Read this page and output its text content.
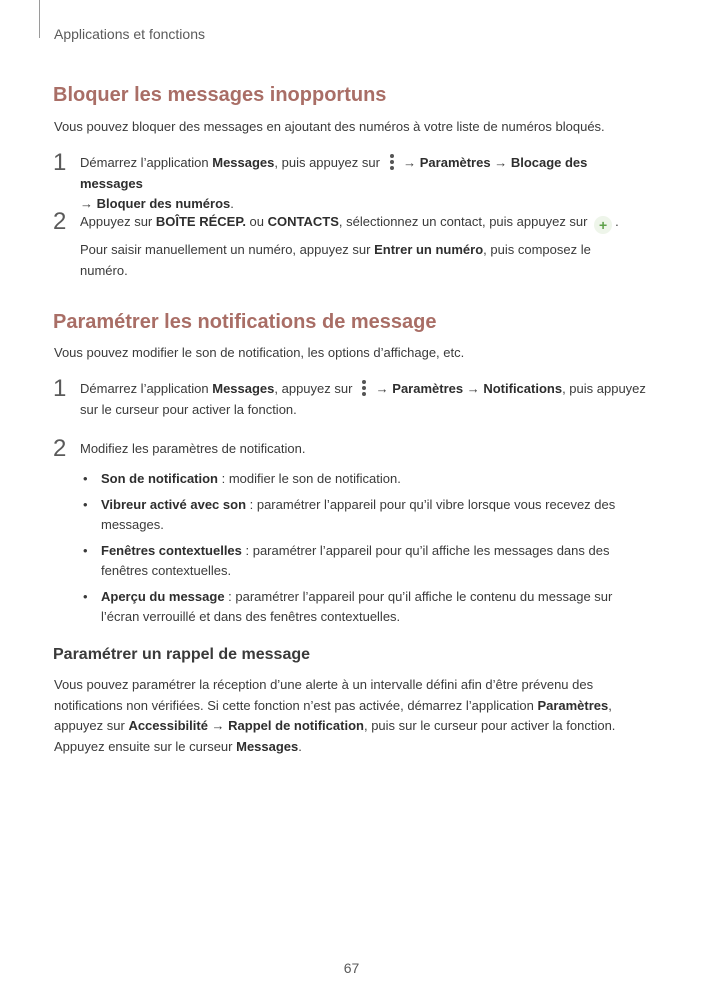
Applications et fonctions
Bloquer les messages inopportuns
Vous pouvez bloquer des messages en ajoutant des numéros à votre liste de numéros bloqués.
1 Démarrez l’application Messages, puis appuyez sur
→ Paramètres → Blocage des messages
→ Bloquer des numéros.
2 Appuyez sur BOÎTE RÉCEP. ou CONTACTS, sélectionnez un contact, puis appuyez sur + .
Pour saisir manuellement un numéro, appuyez sur Entrer un numéro, puis composez le numéro.
Paramétrer les notifications de message
Vous pouvez modifier le son de notification, les options d’affichage, etc.
1 Démarrez l’application Messages, appuyez sur
→ Paramètres → Notifications, puis appuyez sur le curseur pour activer la fonction.
2 Modifiez les paramètres de notification.
• Son de notification : modifier le son de notification.
• Vibreur activé avec son : paramétrer l’appareil pour qu’il vibre lorsque vous recevez des messages.
• Fenêtres contextuelles : paramétrer l’appareil pour qu’il affiche les messages dans des fenêtres contextuelles.
• Aperçu du message : paramétrer l’appareil pour qu’il affiche le contenu du message sur l’écran verrouillé et dans des fenêtres contextuelles.
Paramétrer un rappel de message
Vous pouvez paramétrer la réception d’une alerte à un intervalle défini afin d’être prévenu des notifications non vérifiées. Si cette fonction n’est pas activée, démarrez l’application Paramètres, appuyez sur Accessibilité → Rappel de notification, puis sur le curseur pour activer la fonction. Appuyez ensuite sur le curseur Messages.
67
